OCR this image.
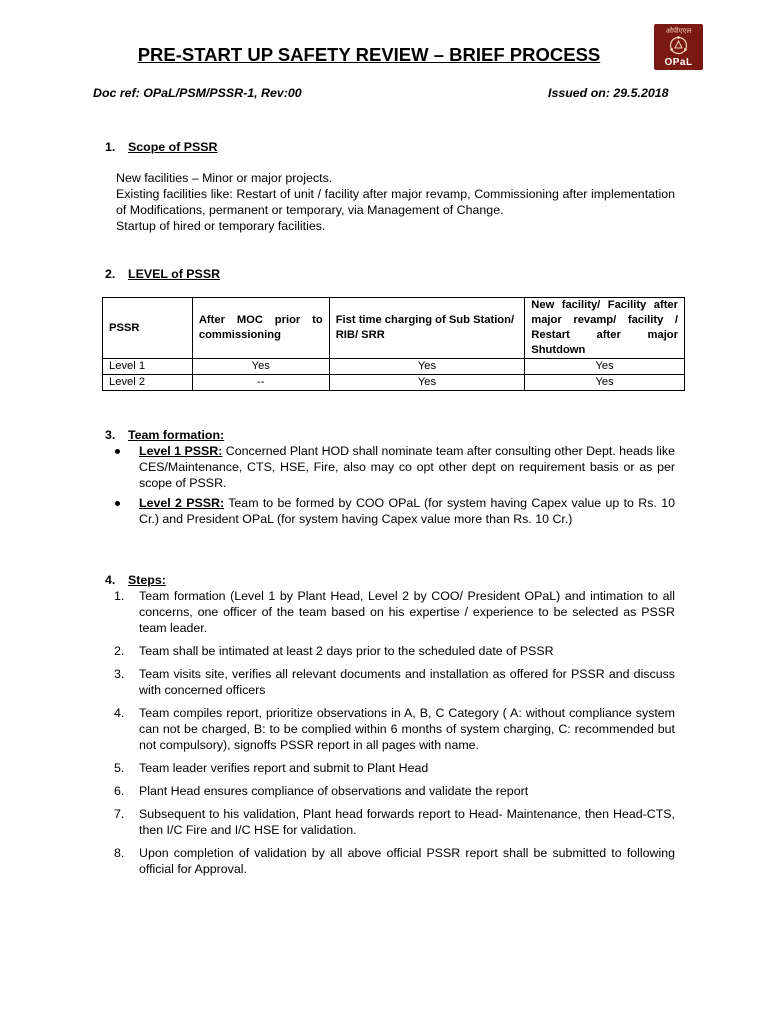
ओपीएएल
OPaL
PRE-START UP SAFETY REVIEW – BRIEF PROCESS
Doc ref: OPaL/PSM/PSSR-1, Rev:00	Issued on: 29.5.2018
1. Scope of PSSR

New facilities – Minor or major projects.

Existing facilities like: Restart of unit / facility after major revamp, Commissioning after implementation of Modifications, permanent or temporary, via Management of Change.

Startup of hired or temporary facilities.

2. LEVEL of PSSR
PSSR	After MOC prior to commissioning	Fist time charging of Sub Station/ RIB/ SRR	New facility/ Facility after major revamp/ facility / Restart after major Shutdown
Level 1	Yes	Yes	Yes
Level 2	--	Yes	Yes
3. Team formation:
Level 1 PSSR: Concerned Plant HOD shall nominate team after consulting other Dept. heads like CES/Maintenance, CTS, HSE, Fire, also may co opt other dept on requirement basis or as per scope of PSSR.
Level 2 PSSR: Team to be formed by COO OPaL (for system having Capex value up to Rs. 10 Cr.) and President OPaL (for system having Capex value more than Rs. 10 Cr.)
4. Steps:
1. Team formation (Level 1 by Plant Head, Level 2 by COO/ President OPaL) and intimation to all concerns, one officer of the team based on his expertise / experience to be selected as PSSR team leader.
2. Team shall be intimated at least 2 days prior to the scheduled date of PSSR
3. Team visits site, verifies all relevant documents and installation as offered for PSSR and discuss with concerned officers
4. Team compiles report, prioritize observations in A, B, C Category ( A: without compliance system can not be charged, B: to be complied within 6 months of system charging, C: recommended but not compulsory), signoffs PSSR report in all pages with name.
5. Team leader verifies report and submit to Plant Head
6. Plant Head ensures compliance of observations and validate the report
7. Subsequent to his validation, Plant head forwards report to Head- Maintenance, then Head-CTS, then I/C Fire and I/C HSE for validation.
8. Upon completion of validation by all above official PSSR report shall be submitted to following official for Approval.
